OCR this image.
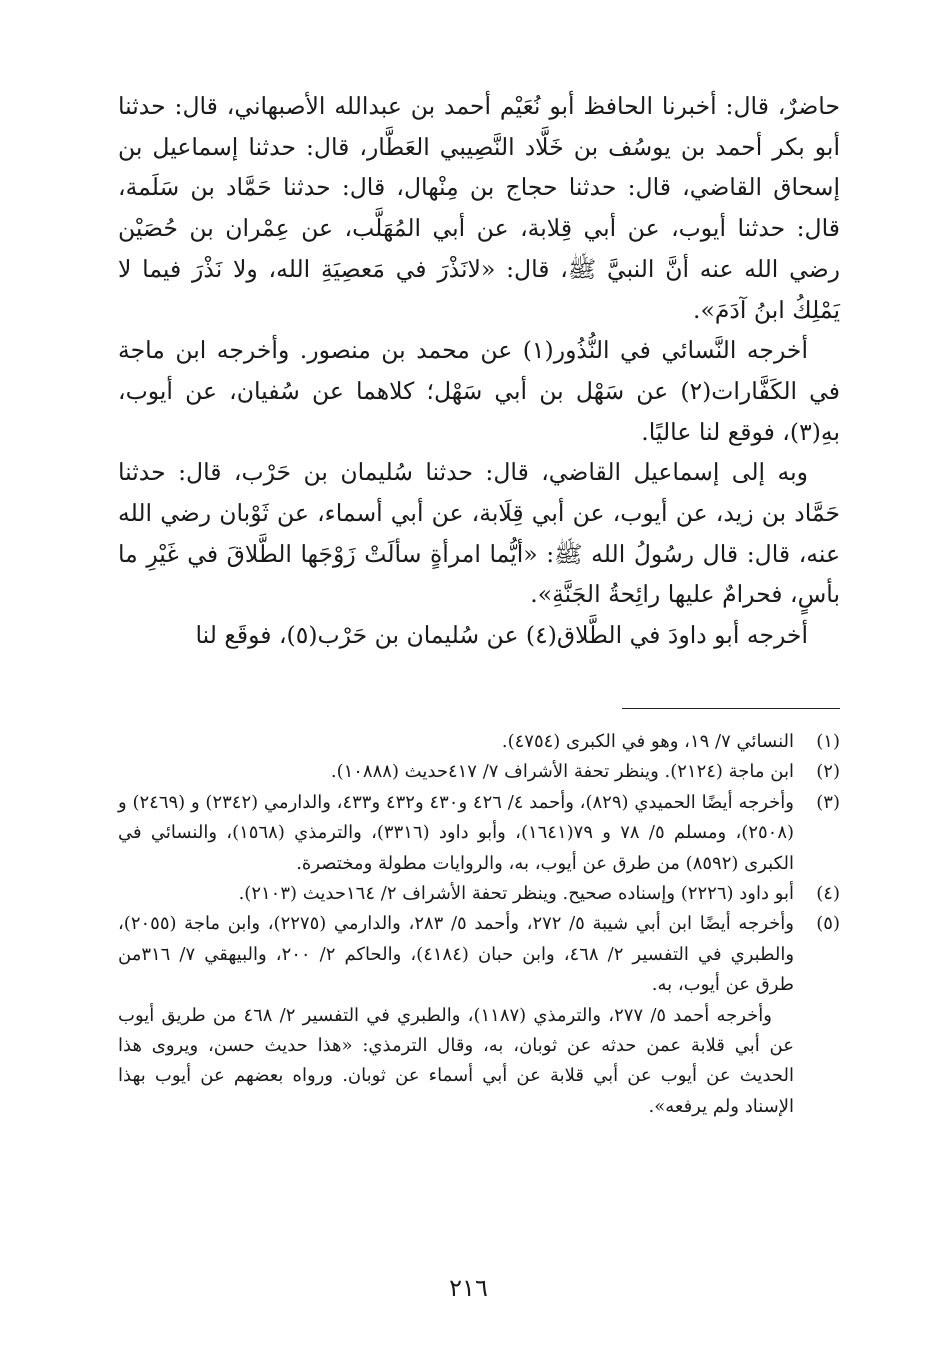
حاضرٌ، قال: أخبرنا الحافظ أبو نُعَيْم أحمد بن عبدالله الأصبهاني، قال: حدثنا أبو بكر أحمد بن يوسُف بن خَلَّاد النَّصِيبي العَطَّار، قال: حدثنا إسماعيل بن إسحاق القاضي، قال: حدثنا حجاج بن مِنْهال، قال: حدثنا حَمَّاد بن سَلَمة، قال: حدثنا أيوب، عن أبي قِلابة، عن أبي المُهَلَّب، عن عِمْران بن حُصَيْن رضي الله عنه أنَّ النبيَّ ﷺ، قال: «لانَذْرَ في مَعصِيَةِ الله، ولا نَذْرَ فيما لا يَمْلِكُ ابنُ آدَمَ».

أخرجه النَّسائي في النُّذُور(١) عن محمد بن منصور. وأخرجه ابن ماجة في الكَفَّارات(٢) عن سَهْل بن أبي سَهْل؛ كلاهما عن سُفيان، عن أيوب، بهِ(٣)، فوقع لنا عاليًا.

وبه إلى إسماعيل القاضي، قال: حدثنا سُليمان بن حَرْب، قال: حدثنا حَمَّاد بن زيد، عن أيوب، عن أبي قِلَابة، عن أبي أسماء، عن ثَوْبان رضي الله عنه، قال: قال رسُولُ الله ﷺ: «أيُّما امرأةٍ سألَتْ زَوْجَها الطَّلاقَ في غَيْرِ ما بأسٍ، فحرامٌ عليها رائِحةُ الجَنَّةِ».

أخرجه أبو داودَ في الطَّلاق(٤) عن سُليمان بن حَرْب(٥)، فوقَع لنا

(١)
النسائي ٧/ ١٩، وهو في الكبرى (٤٧٥٤).
(٢)
ابن ماجة (٢١٢٤). وينظر تحفة الأشراف ٧/ ٤١٧حديث (١٠٨٨٨).
(٣)
وأخرجه أيضًا الحميدي (٨٢٩)، وأحمد ٤/ ٤٢٦ و٤٣٠ و٤٣٢ و٤٣٣، والدارمي (٢٣٤٢) و (٢٤٦٩) و (٢٥٠٨)، ومسلم ٥/ ٧٨ و ٧٩(١٦٤١)، وأبو داود (٣٣١٦)، والترمذي (١٥٦٨)، والنسائي في الكبرى (٨٥٩٢) من طرق عن أيوب، به، والروايات مطولة ومختصرة.
(٤)
أبو داود (٢٢٢٦) وإسناده صحيح. وينظر تحفة الأشراف ٢/ ١٦٤حديث (٢١٠٣).
(٥)
وأخرجه أيضًا ابن أبي شيبة ٥/ ٢٧٢، وأحمد ٥/ ٢٨٣، والدارمي (٢٢٧٥)، وابن ماجة (٢٠٥٥)، والطبري في التفسير ٢/ ٤٦٨، وابن حبان (٤١٨٤)، والحاكم ٢/ ٢٠٠، والبيهقي ٧/ ٣١٦من طرق عن أيوب، به.

وأخرجه أحمد ٥/ ٢٧٧، والترمذي (١١٨٧)، والطبري في التفسير ٢/ ٤٦٨ من طريق أيوب عن أبي قلابة عمن حدثه عن ثوبان، به، وقال الترمذي: «هذا حديث حسن، ويروى هذا الحديث عن أيوب عن أبي قلابة عن أبي أسماء عن ثوبان. ورواه بعضهم عن أيوب بهذا الإسناد ولم يرفعه».

٢١٦
